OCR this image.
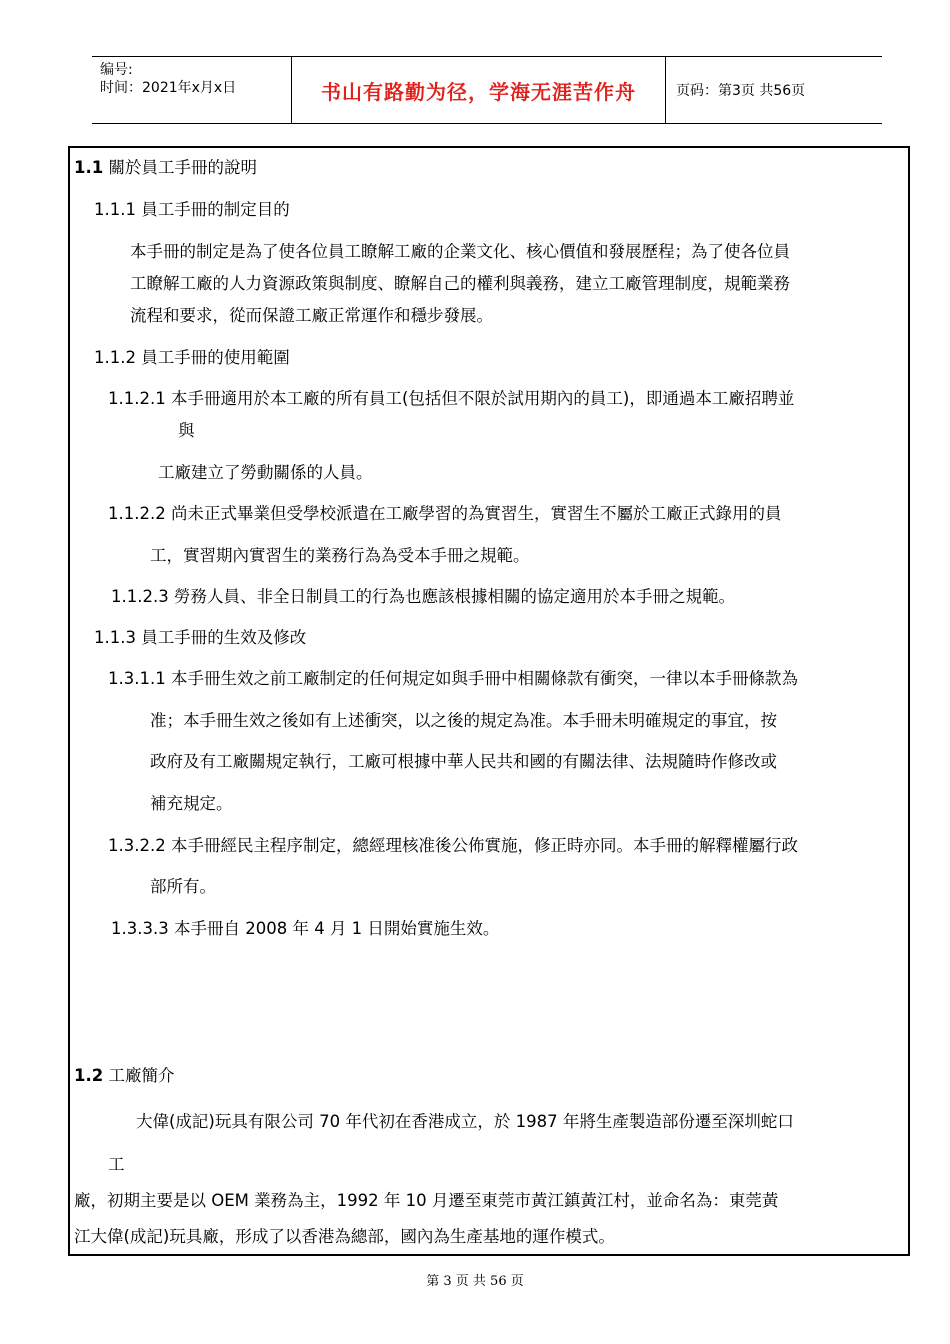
编号:
时间：2021年x月x日	书山有路勤为径，学海无涯苦作舟	页码：第3页 共56页
1.1 關於員工手冊的說明
1.1.1 員工手冊的制定目的
本手冊的制定是為了使各位員工瞭解工廠的企業文化、核心價值和發展歷程；為了使各位員
工瞭解工廠的人力資源政策與制度、瞭解自己的權利與義務，建立工廠管理制度，規範業務
流程和要求，從而保證工廠正常運作和穩步發展。
1.1.2 員工手冊的使用範圍
1.1.2.1 本手冊適用於本工廠的所有員工(包括但不限於試用期內的員工)，即通過本工廠招聘並
與
工廠建立了勞動關係的人員。
1.1.2.2 尚未正式畢業但受學校派遣在工廠學習的為實習生，實習生不屬於工廠正式錄用的員
工，實習期內實習生的業務行為為受本手冊之規範。
1.1.2.3 勞務人員、非全日制員工的行為也應該根據相關的協定適用於本手冊之規範。
1.1.3 員工手冊的生效及修改
1.3.1.1 本手冊生效之前工廠制定的任何規定如與手冊中相關條款有衝突，一律以本手冊條款為
准；本手冊生效之後如有上述衝突，以之後的規定為准。本手冊未明確規定的事宜，按
政府及有工廠關規定執行，工廠可根據中華人民共和國的有關法律、法規隨時作修改或
補充規定。
1.3.2.2 本手冊經民主程序制定，總經理核准後公佈實施，修正時亦同。本手冊的解釋權屬行政
部所有。
1.3.3.3 本手冊自 2008 年 4 月 1 日開始實施生效。
1.2 工廠簡介
大偉(成記)玩具有限公司 70 年代初在香港成立，於 1987 年將生產製造部份遷至深圳蛇口
工
廠，初期主要是以 OEM 業務為主，1992 年 10 月遷至東莞市黃江鎮黃江村，並命名為：東莞黃
江大偉(成記)玩具廠，形成了以香港為總部，國內為生產基地的運作模式。
第 3 页 共 56 页
